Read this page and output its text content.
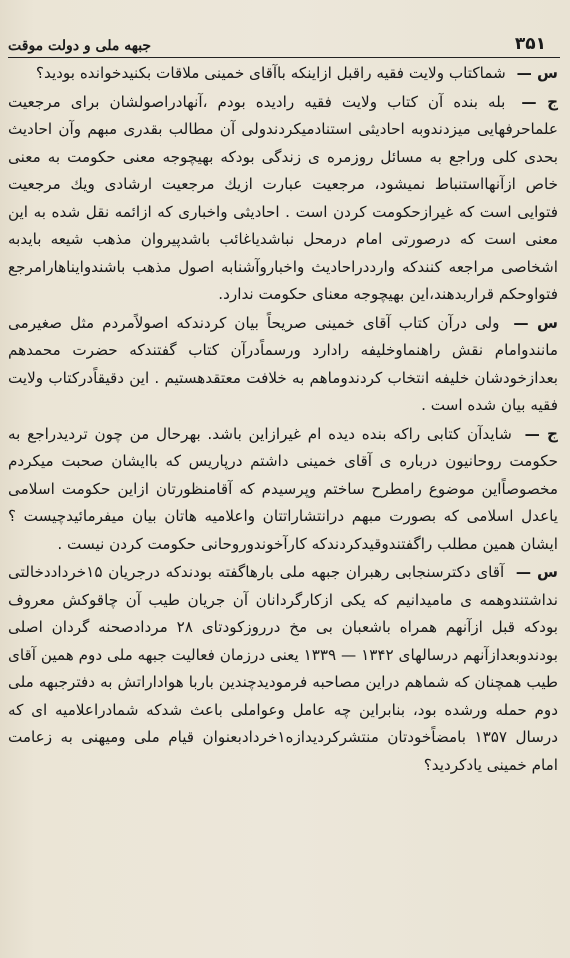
جبهه ملی و دولت موقت	۳۵۱

س — شماکتاب ولایت فقیه راقبل ازاینکه باآقای خمینی ملاقات بکنیدخوانده بودید؟

ج — بله بنده آن کتاب ولایت فقیه رادیده بودم ،آنهادراصولشان برای مرجعیت علماحرفهایی میزدندوبه احادیثی استنادمیکردندولی آن مطالب بقدری مبهم وآن احادیث بحدی کلی وراجع به مسائل روزمره ی زندگی بودکه بهیچوجه معنی حکومت به معنی خاص ازآنهااستنباط نمیشود، مرجعیت عبارت ازیك مرجعیت ارشادی ویك مرجعیت فتوایی است که غیرازحکومت کردن است . احادیثی واخباری که ازائمه نقل شده به این معنی است که درصورتی امام درمحل نباشدیاغائب باشدپیروان مذهب شیعه بایدبه اشخاصی مراجعه کنندکه وارددراحادیث واخباروآشنابه اصول مذهب باشندوایناهارامرجع فتواوحکم قراربدهند،این بهیچوجه معنای حکومت ندارد.

س — ولی درآن کتاب آقای خمینی صریحاً بیان کردندکه اصولاًمردم مثل صغیرمی مانندوامام نقش راهنماوخلیفه رادارد ورسماًدرآن کتاب گفتندکه حضرت محمدهم بعدازخودشان خلیفه انتخاب کردندوماهم به خلافت معتقدهستیم . این دقیقاًدرکتاب ولایت فقیه بیان شده است .

ج — شایدآن کتابی راکه بنده دیده ام غیرازاین باشد. بهرحال من چون تردیدراجع به حکومت روحانیون درباره ی آقای خمینی داشتم درپاریس که باایشان صحبت میکردم مخصوصاًاین موضوع رامطرح ساختم وپرسیدم که آقامنظورتان ازاین حکومت اسلامی یاعدل اسلامی که بصورت مبهم درانتشاراتتان واعلامیه هاتان بیان میفرمائیدچیست ؟ ایشان همین مطلب راگفتندوقیدکردندکه کارآخوندوروحانی حکومت کردن نیست .

س — آقای دکترسنجابی رهبران جبهه ملی بارهاگفته بودندکه درجریان ۱۵خرداددخالتی نداشتندوهمه ی مامیدانیم که یکی ازکارگردانان آن جریان طیب آن چاقوکش معروف بودکه قبل ازآنهم همراه باشعبان بی مخ درروزکودتای ۲۸ مردادصحنه گردان اصلی بودندوبعدازآنهم درسالهای ۱۳۴۲ — ۱۳۳۹ یعنی درزمان فعالیت جبهه ملی دوم همین آقای طیب همچنان که شماهم دراین مصاحبه فرمودیدچندین باربا هواداراتش به دفترجبهه ملی دوم حمله ورشده بود، بنابراین چه عامل وعواملی باعث شدکه شمادراعلامیه ای که درسال ۱۳۵۷ بامضاًخودتان منتشرکردیدازه۱خردادبعنوان قیام ملی ومیهنی به زعامت امام خمینی یادکردید؟
